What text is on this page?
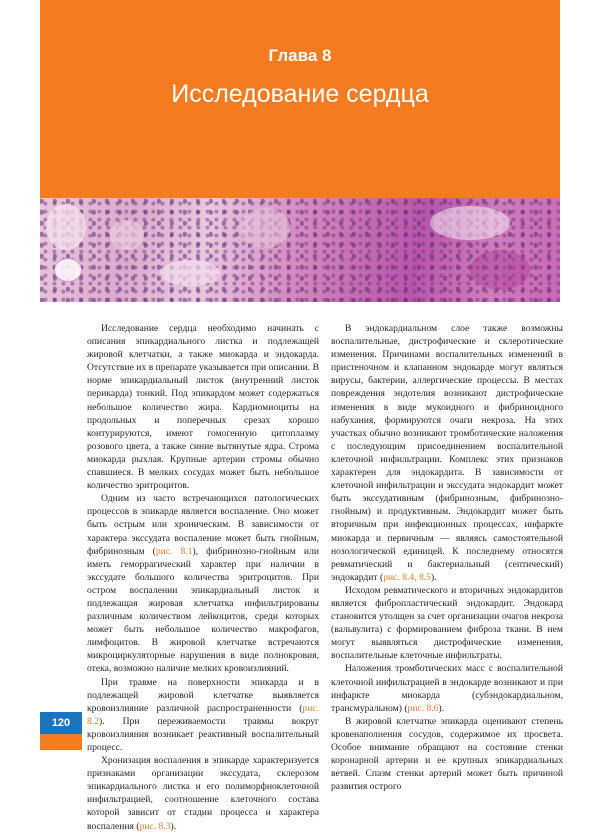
Глава 8
Исследование сердца

Исследование сердца необходимо начинать с описания эпикардиального листка и подлежащей жировой клетчатки, а также миокарда и эндокарда. Отсутствие их в препарате указывается при описании. В норме эпикардиальный листок (внутренний листок перикарда) тонкий. Под эпикардом может содержаться небольшое количество жира. Кардиомиоциты на продольных и поперечных срезах хорошо контурируются, имеют гомогенную цитоплазму розового цвета, а также синие вытянутые ядра. Строма миокарда рыхлая. Крупные артерии стромы обычно спавшиеся. В мелких сосудах может быть небольшое количество эритроцитов.

Одним из часто встречающихся патологических процессов в эпикарде является воспаление. Оно может быть острым или хроническим. В зависимости от характера экссудата воспаление может быть гнойным, фибринозным (рис. 8.1), фибринозно-гнойным или иметь геморрагический характер при наличии в экссудате большого количества эритроцитов. При остром воспалении эпикардиальный листок и подлежащая жировая клетчатка инфильтрированы различным количеством лейкоцитов, среди которых может быть небольшое количество макрофагов, лимфоцитов. В жировой клетчатке встречаются микроциркуляторные нарушения в виде полнокровия, отека, возможно наличие мелких кровоизлияний.

При травме на поверхности эпикарда и в подлежащей жировой клетчатке выявляется кровоизлияние различной распространенности (рис. 8.2). При переживаемости травмы вокруг кровоизлияния возникает реактивный воспалительный процесс.

Хронизация воспаления в эпикарде характеризуется признаками организации экссудата, склерозом эпикардиального листка и его полиморфноклеточной инфильтрацией, соотношение клеточного состава которой зависит от стадии процесса и характера воспаления (рис. 8.3).

В эндокардиальном слое также возможны воспалительные, дистрофические и склеротические изменения. Причинами воспалительных изменений в пристеночном и клапанном эндокарде могут являться вирусы, бактерии, аллергические процессы. В местах повреждения эндотелия возникают дистрофические изменения в виде мукоидного и фибриноидного набухания, формируются очаги некроза. На этих участках обычно возникают тромботические наложения с последующим присоединением воспалительной клеточной инфильтрации. Комплекс этих признаков характерен для эндокардита. В зависимости от клеточной инфильтрации и экссудата эндокардит может быть экссудативным (фибринозным, фибринозно-гнойным) и продуктивным. Эндокардит может быть вторичным при инфекционных процессах, инфаркте миокарда и первичным — являясь самостоятельной нозологической единицей. К последнему относятся ревматический и бактериальный (септический) эндокардит (рис. 8.4, 8.5).

Исходом ревматического и вторичных эндокардитов является фибропластический эндокардит. Эндокард становится утолщен за счет организации очагов некроза (вальвулита) с формированием фиброза ткани. В нем могут выявляться дистрофические изменения, воспалительные клеточные инфильтраты.

Наложения тромботических масс с воспалительной клеточной инфильтрацией в эндокарде возникают и при инфаркте миокарда (субэндокардиальном, трансмуральном) (рис. 8.6).

В жировой клетчатке эпикарда оценивают степень кровенаполнения сосудов, содержимое их просвета. Особое внимание обращают на состояние стенки коронарной артерии и ее крупных эпикардиальных ветвей. Спазм стенки артерий может быть причиной развития острого

120
